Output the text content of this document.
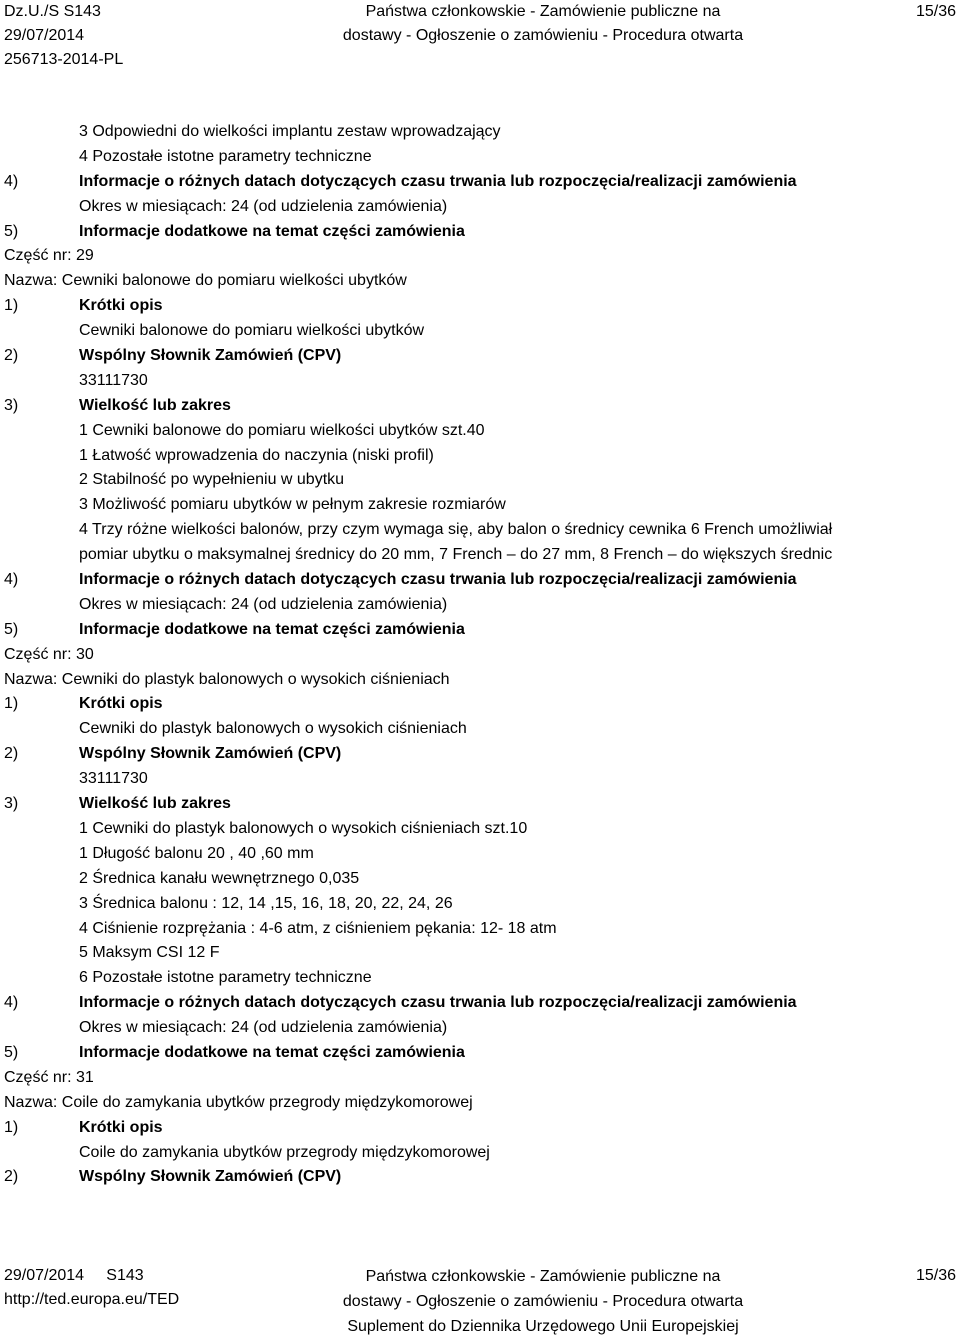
Dz.U./S S143
29/07/2014
256713-2014-PL
Państwa członkowskie - Zamówienie publiczne na
dostawy - Ogłoszenie o zamówieniu - Procedura otwarta
15/36
3 Odpowiedni do wielkości implantu zestaw wprowadzający
4 Pozostałe istotne parametry techniczne
4)	Informacje o różnych datach dotyczących czasu trwania lub rozpoczęcia/realizacji zamówienia
Okres w miesiącach: 24 (od udzielenia zamówienia)
5)	Informacje dodatkowe na temat części zamówienia
Część nr: 29
Nazwa: Cewniki balonowe do pomiaru wielkości ubytków
1)	Krótki opis
Cewniki balonowe do pomiaru wielkości ubytków
2)	Wspólny Słownik Zamówień (CPV)
33111730
3)	Wielkość lub zakres
1 Cewniki balonowe do pomiaru wielkości ubytków szt.40
1 Łatwość wprowadzenia do naczynia (niski profil)
2 Stabilność po wypełnieniu w ubytku
3 Możliwość pomiaru ubytków w pełnym zakresie rozmiarów
4 Trzy różne wielkości balonów, przy czym wymaga się, aby balon o średnicy cewnika 6 French umożliwiał
pomiar ubytku o maksymalnej średnicy do 20 mm, 7 French – do 27 mm, 8 French – do większych średnic
4)	Informacje o różnych datach dotyczących czasu trwania lub rozpoczęcia/realizacji zamówienia
Okres w miesiącach: 24 (od udzielenia zamówienia)
5)	Informacje dodatkowe na temat części zamówienia
Część nr: 30
Nazwa: Cewniki do plastyk balonowych o wysokich ciśnieniach
1)	Krótki opis
Cewniki do plastyk balonowych o wysokich ciśnieniach
2)	Wspólny Słownik Zamówień (CPV)
33111730
3)	Wielkość lub zakres
1 Cewniki do plastyk balonowych o wysokich ciśnieniach szt.10
1 Długość balonu 20 , 40 ,60 mm
2 Średnica kanału wewnętrznego 0,035
3 Średnica balonu : 12, 14 ,15, 16, 18, 20, 22, 24, 26
4 Ciśnienie rozprężania : 4-6 atm, z ciśnieniem pękania: 12- 18 atm
5 Maksym CSI 12 F
6 Pozostałe istotne parametry techniczne
4)	Informacje o różnych datach dotyczących czasu trwania lub rozpoczęcia/realizacji zamówienia
Okres w miesiącach: 24 (od udzielenia zamówienia)
5)	Informacje dodatkowe na temat części zamówienia
Część nr: 31
Nazwa: Coile do zamykania ubytków przegrody międzykomorowej
1)	Krótki opis
Coile do zamykania ubytków przegrody międzykomorowej
2)	Wspólny Słownik Zamówień (CPV)
29/07/2014     S143
http://ted.europa.eu/TED
Państwa członkowskie - Zamówienie publiczne na
dostawy - Ogłoszenie o zamówieniu - Procedura otwarta
Suplement do Dziennika Urzędowego Unii Europejskiej
15/36
